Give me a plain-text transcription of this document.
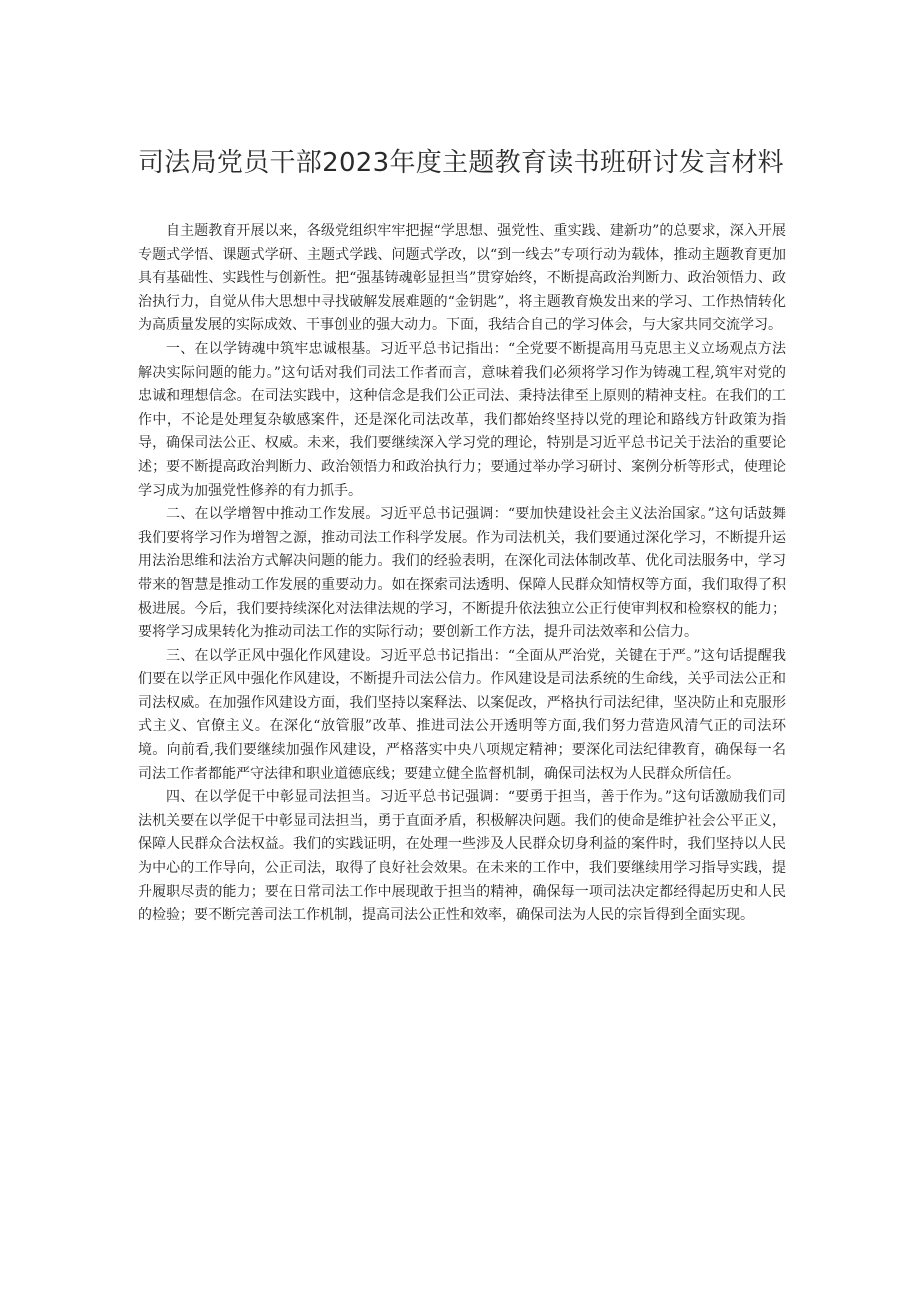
司法局党员干部2023年度主题教育读书班研讨发言材料

自主题教育开展以来，各级党组织牢牢把握“学思想、强党性、重实践、建新功”的总要求，深入开展专题式学悟、课题式学研、主题式学践、问题式学改，以“到一线去”专项行动为载体，推动主题教育更加具有基础性、实践性与创新性。把“强基铸魂彰显担当”贯穿始终，不断提高政治判断力、政治领悟力、政治执行力，自觉从伟大思想中寻找破解发展难题的“金钥匙”，将主题教育焕发出来的学习、工作热情转化为高质量发展的实际成效、干事创业的强大动力。下面，我结合自己的学习体会，与大家共同交流学习。

一、在以学铸魂中筑牢忠诚根基。习近平总书记指出：“全党要不断提高用马克思主义立场观点方法解决实际问题的能力。”这句话对我们司法工作者而言，意味着我们必须将学习作为铸魂工程,筑牢对党的忠诚和理想信念。在司法实践中，这种信念是我们公正司法、秉持法律至上原则的精神支柱。在我们的工作中，不论是处理复杂敏感案件，还是深化司法改革，我们都始终坚持以党的理论和路线方针政策为指导，确保司法公正、权威。未来，我们要继续深入学习党的理论，特别是习近平总书记关于法治的重要论述；要不断提高政治判断力、政治领悟力和政治执行力；要通过举办学习研讨、案例分析等形式，使理论学习成为加强党性修养的有力抓手。

二、在以学增智中推动工作发展。习近平总书记强调：“要加快建设社会主义法治国家。”这句话鼓舞我们要将学习作为增智之源，推动司法工作科学发展。作为司法机关，我们要通过深化学习，不断提升运用法治思维和法治方式解决问题的能力。我们的经验表明，在深化司法体制改革、优化司法服务中，学习带来的智慧是推动工作发展的重要动力。如在探索司法透明、保障人民群众知情权等方面，我们取得了积极进展。今后，我们要持续深化对法律法规的学习，不断提升依法独立公正行使审判权和检察权的能力；要将学习成果转化为推动司法工作的实际行动；要创新工作方法，提升司法效率和公信力。

三、在以学正风中强化作风建设。习近平总书记指出：“全面从严治党，关键在于严。”这句话提醒我们要在以学正风中强化作风建设，不断提升司法公信力。作风建设是司法系统的生命线，关乎司法公正和司法权威。在加强作风建设方面，我们坚持以案释法、以案促改，严格执行司法纪律，坚决防止和克服形式主义、官僚主义。在深化“放管服”改革、推进司法公开透明等方面,我们努力营造风清气正的司法环境。向前看,我们要继续加强作风建设，严格落实中央八项规定精神；要深化司法纪律教育，确保每一名司法工作者都能严守法律和职业道德底线；要建立健全监督机制，确保司法权为人民群众所信任。

四、在以学促干中彰显司法担当。习近平总书记强调：“要勇于担当，善于作为。”这句话激励我们司法机关要在以学促干中彰显司法担当，勇于直面矛盾，积极解决问题。我们的使命是维护社会公平正义，保障人民群众合法权益。我们的实践证明，在处理一些涉及人民群众切身利益的案件时，我们坚持以人民为中心的工作导向，公正司法，取得了良好社会效果。在未来的工作中，我们要继续用学习指导实践，提升履职尽责的能力；要在日常司法工作中展现敢于担当的精神，确保每一项司法决定都经得起历史和人民的检验；要不断完善司法工作机制，提高司法公正性和效率，确保司法为人民的宗旨得到全面实现。
